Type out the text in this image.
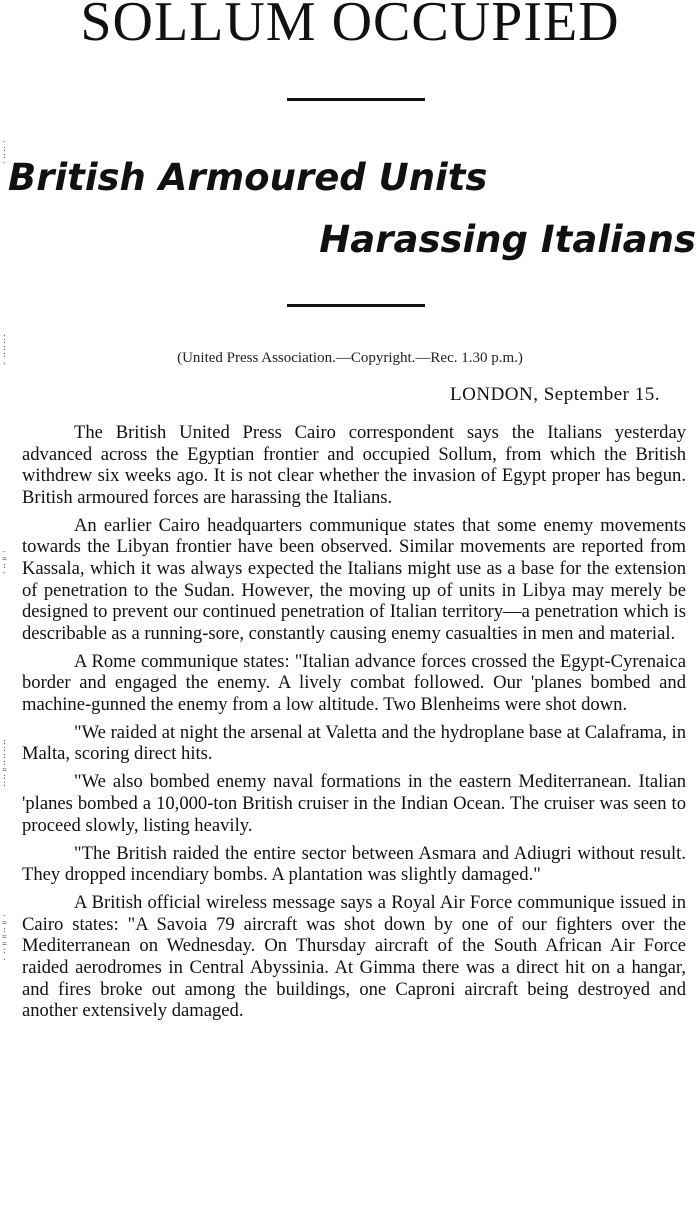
SOLLUM OCCUPIED
-
:
:
- British Armoured Units
Harassing Italians
.
:
:
:
.	(United Press Association.—Copyright.—Rec. 1.30 p.m.)
LONDON, September 15.
-
=
:
-
:
:
:
:
=
:
:
-
=
:
=
=
:
.

The British United Press Cairo correspondent says the Italians yesterday advanced across the Egyptian frontier and occupied Sollum, from which the British withdrew six weeks ago. It is not clear whether the invasion of Egypt proper has begun. British armoured forces are harassing the Italians.

An earlier Cairo headquarters communique states that some enemy movements towards the Libyan frontier have been observed. Similar movements are reported from Kassala, which it was always expected the Italians might use as a base for the extension of penetration to the Sudan. However, the moving up of units in Libya may merely be designed to prevent our continued penetration of Italian territory—a penetration which is describable as a running-sore, constantly causing enemy casualties in men and material.

A Rome communique states: "Italian advance forces crossed the Egypt-Cyrenaica border and engaged the enemy. A lively combat followed. Our 'planes bombed and machine-gunned the enemy from a low altitude. Two Blenheims were shot down.

"We raided at night the arsenal at Valetta and the hydroplane base at Calaframa, in Malta, scoring direct hits.

"We also bombed enemy naval formations in the eastern Mediterranean. Italian 'planes bombed a 10,000-ton British cruiser in the Indian Ocean. The cruiser was seen to proceed slowly, listing heavily.

"The British raided the entire sector between Asmara and Adiugri without result. They dropped incendiary bombs. A plantation was slightly damaged."

A British official wireless message says a Royal Air Force communique issued in Cairo states: "A Savoia 79 aircraft was shot down by one of our fighters over the Mediterranean on Wednesday. On Thursday aircraft of the South African Air Force raided aerodromes in Central Abyssinia. At Gimma there was a direct hit on a hangar, and fires broke out among the buildings, one Caproni aircraft being destroyed and another extensively damaged.
